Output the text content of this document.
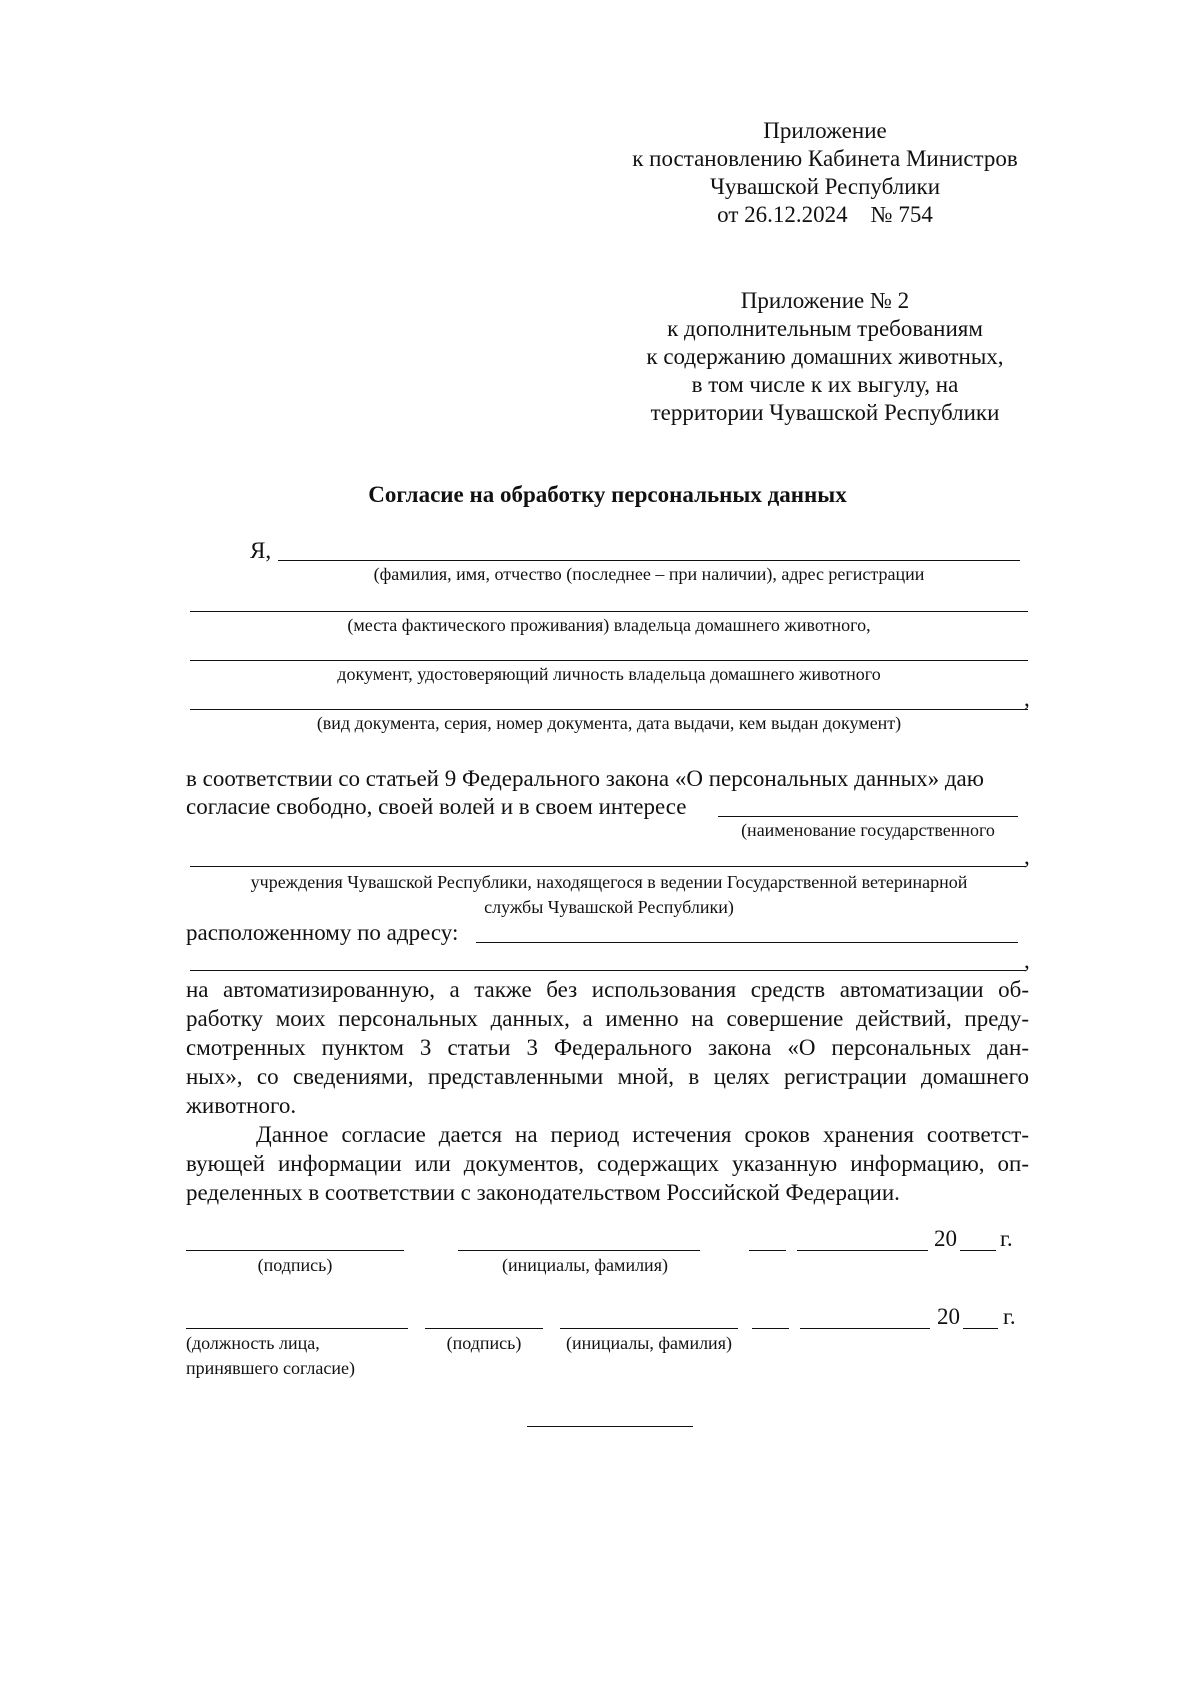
Приложение
к постановлению Кабинета Министров
Чувашской Республики
от 26.12.2024    № 754
Приложение № 2
к дополнительным требованиям
к содержанию домашних животных,
в том числе к их выгулу, на
территории Чувашской Республики
Согласие на обработку персональных данных
Я,
(фамилия, имя, отчество (последнее – при наличии), адрес регистрации
(места фактического проживания) владельца домашнего животного,
документ, удостоверяющий личность владельца домашнего животного
,
(вид документа, серия, номер документа, дата выдачи, кем выдан документ)
в соответствии со статьей 9 Федерального закона «О персональных данных» даю
согласие свободно, своей волей и в своем интересе
(наименование государственного
,
учреждения Чувашской Республики, находящегося в ведении Государственной ветеринарной
службы Чувашской Республики)
расположенному по адресу:
,
на автоматизированную, а также без использования средств автоматизации об-
работку моих персональных данных, а именно на совершение действий, преду-
смотренных пунктом 3 статьи 3 Федерального закона «О персональных дан-
ных», со сведениями, представленными мной, в целях регистрации домашнего
животного.
Данное согласие дается на период истечения сроков хранения соответст-
вующей информации или документов, содержащих указанную информацию, оп-
ределенных в соответствии с законодательством Российской Федерации.
20 г.
(подпись)	(инициалы, фамилия)
20 г.
(должность лица,
принявшего согласие)
(подпись)	(инициалы, фамилия)
